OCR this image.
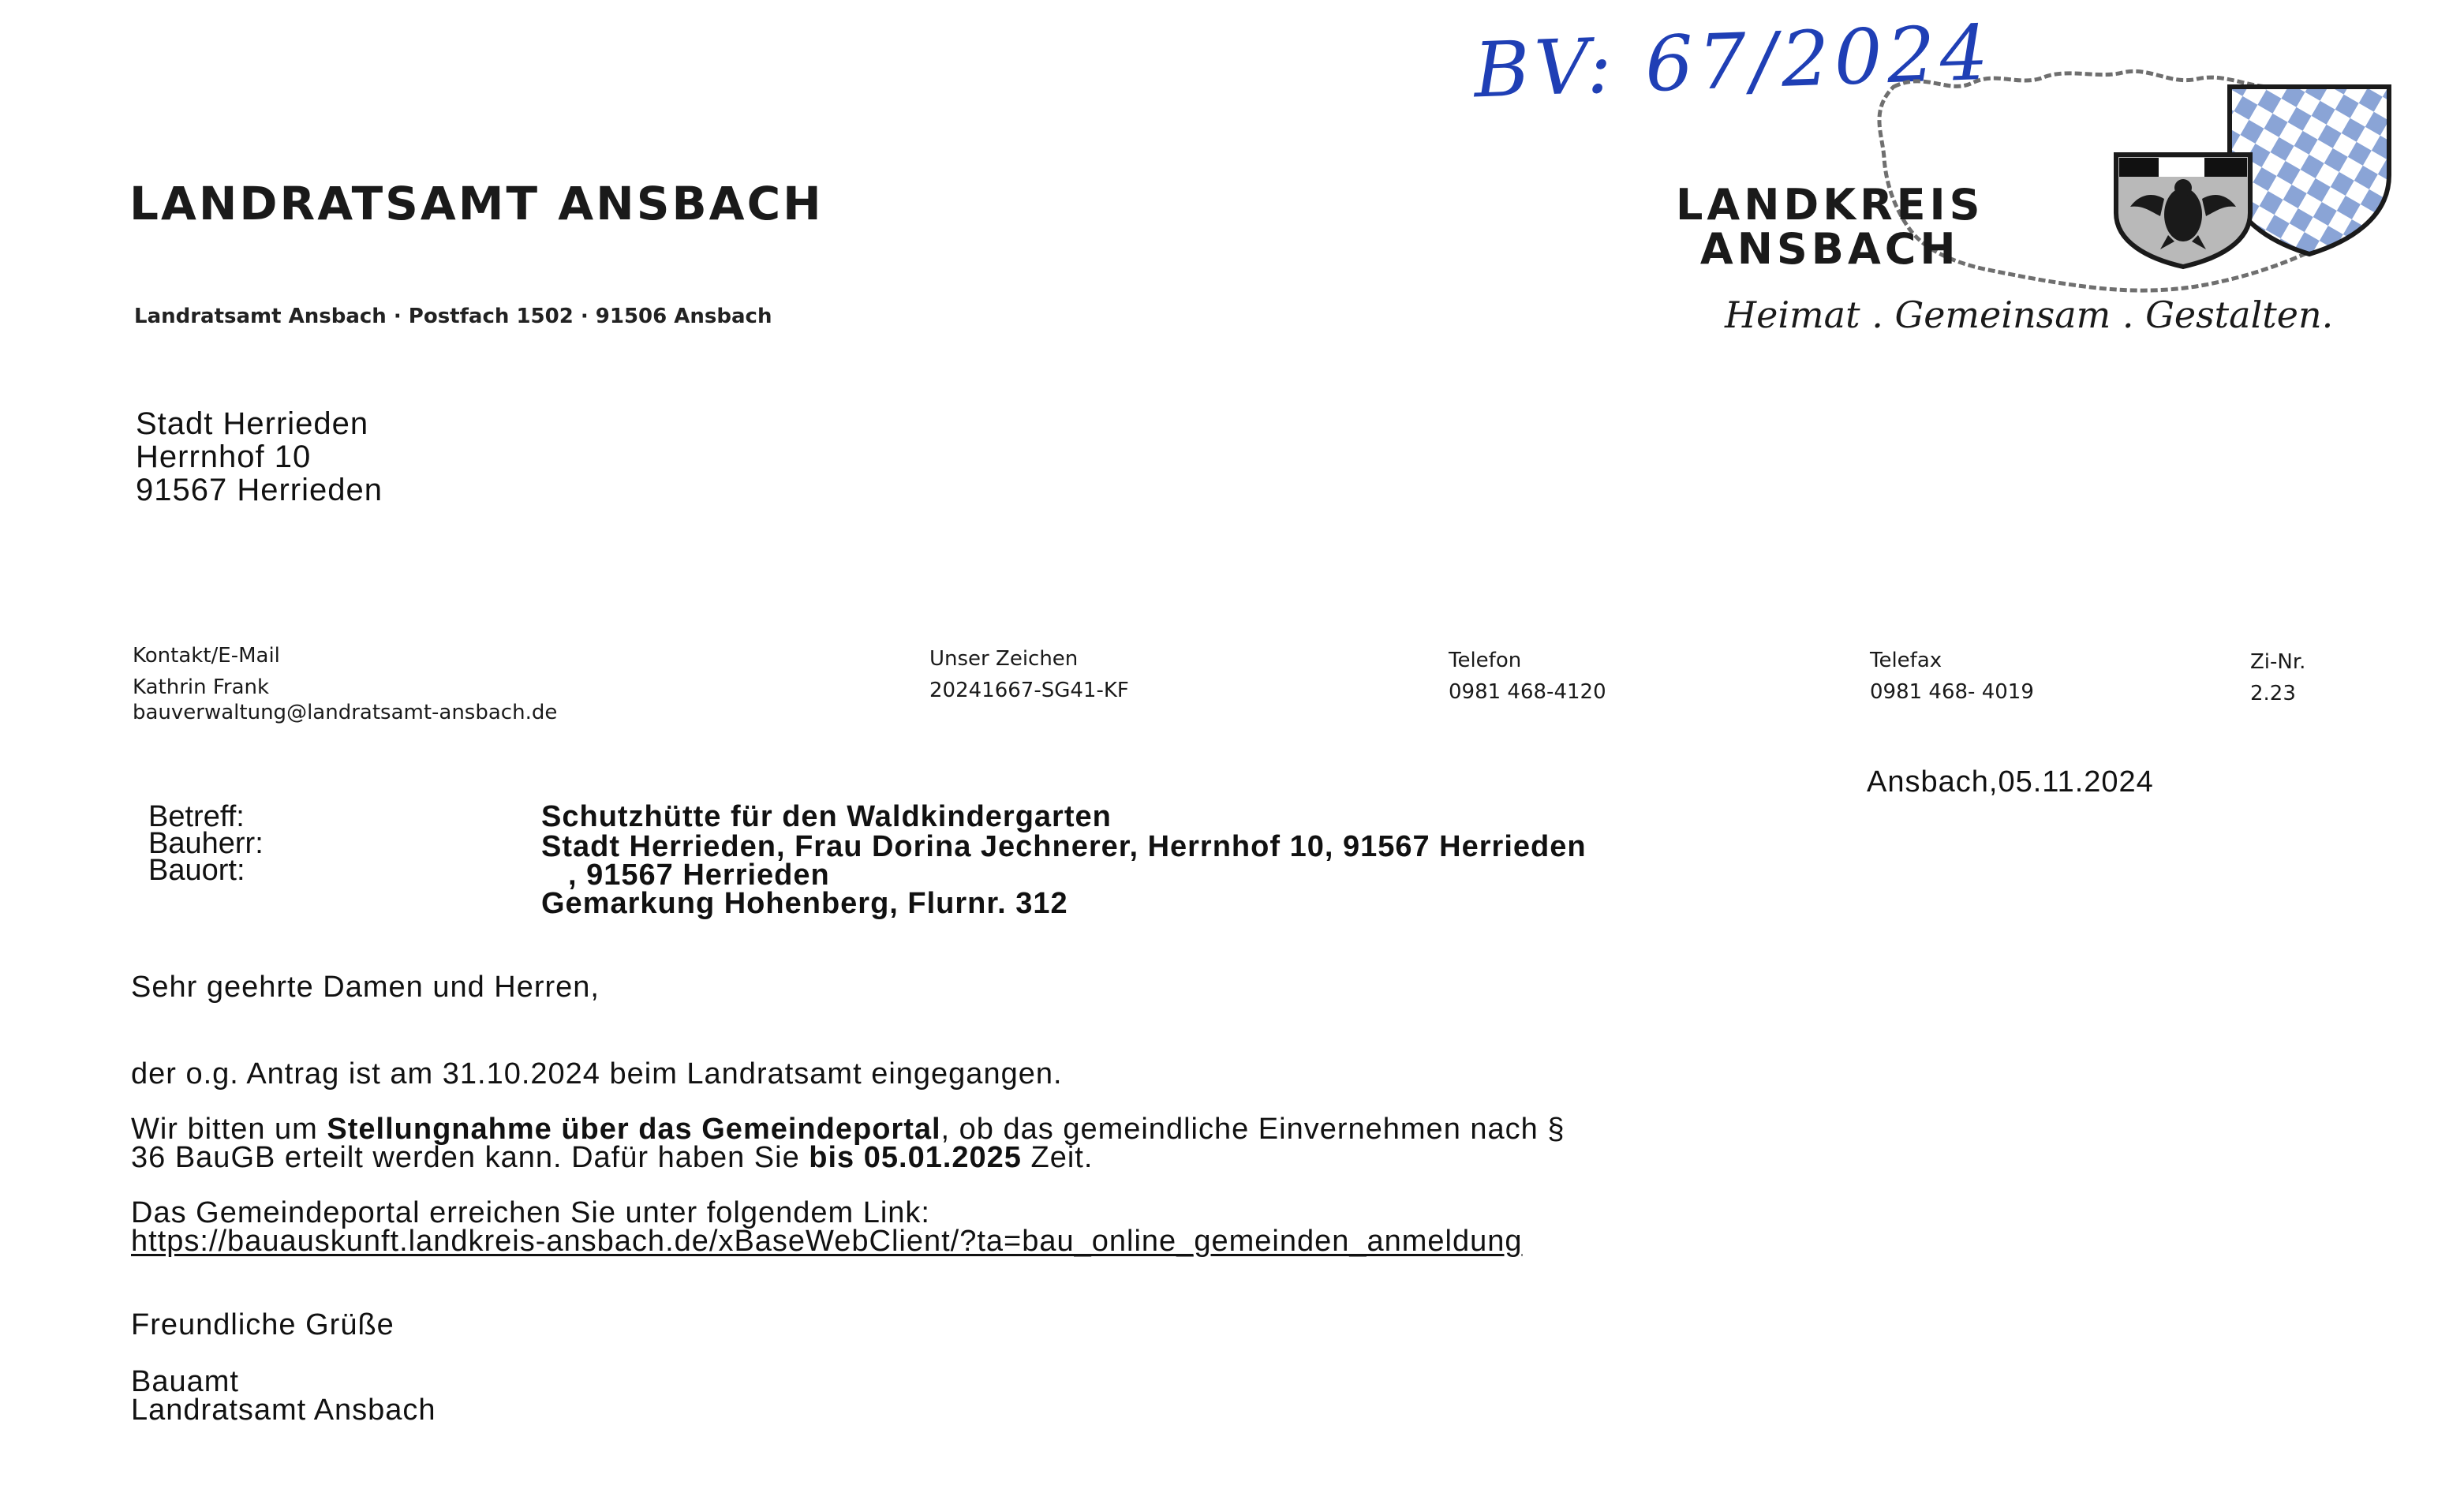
BV: 67/2024
LANDRATSAMT ANSBACH
Landratsamt Ansbach · Postfach 1502 · 91506 Ansbach
LANDKREIS
ANSBACH
Heimat . Gemeinsam . Gestalten.
Stadt Herrieden
Herrnhof 10
91567 Herrieden
Kontakt/E-Mail
Kathrin Frank
bauverwaltung@landratsamt-ansbach.de
Unser Zeichen
20241667-SG41-KF
Telefon
0981 468-4120
Telefax
0981 468- 4019
Zi-Nr.
2.23
Ansbach,05.11.2024
Betreff:
Bauherr:
Bauort:
Schutzhütte für den Waldkindergarten
Stadt Herrieden, Frau Dorina Jechnerer, Herrnhof 10, 91567 Herrieden
, 91567 Herrieden
Gemarkung Hohenberg, Flurnr. 312
Sehr geehrte Damen und Herren,
der o.g. Antrag ist am 31.10.2024 beim Landratsamt eingegangen.
Wir bitten um Stellungnahme über das Gemeindeportal, ob das gemeindliche Einvernehmen nach §
36 BauGB erteilt werden kann. Dafür haben Sie bis 05.01.2025 Zeit.
Das Gemeindeportal erreichen Sie unter folgendem Link:
https://bauauskunft.landkreis-ansbach.de/xBaseWebClient/?ta=bau_online_gemeinden_anmeldung
Freundliche Grüße
Bauamt
Landratsamt Ansbach
